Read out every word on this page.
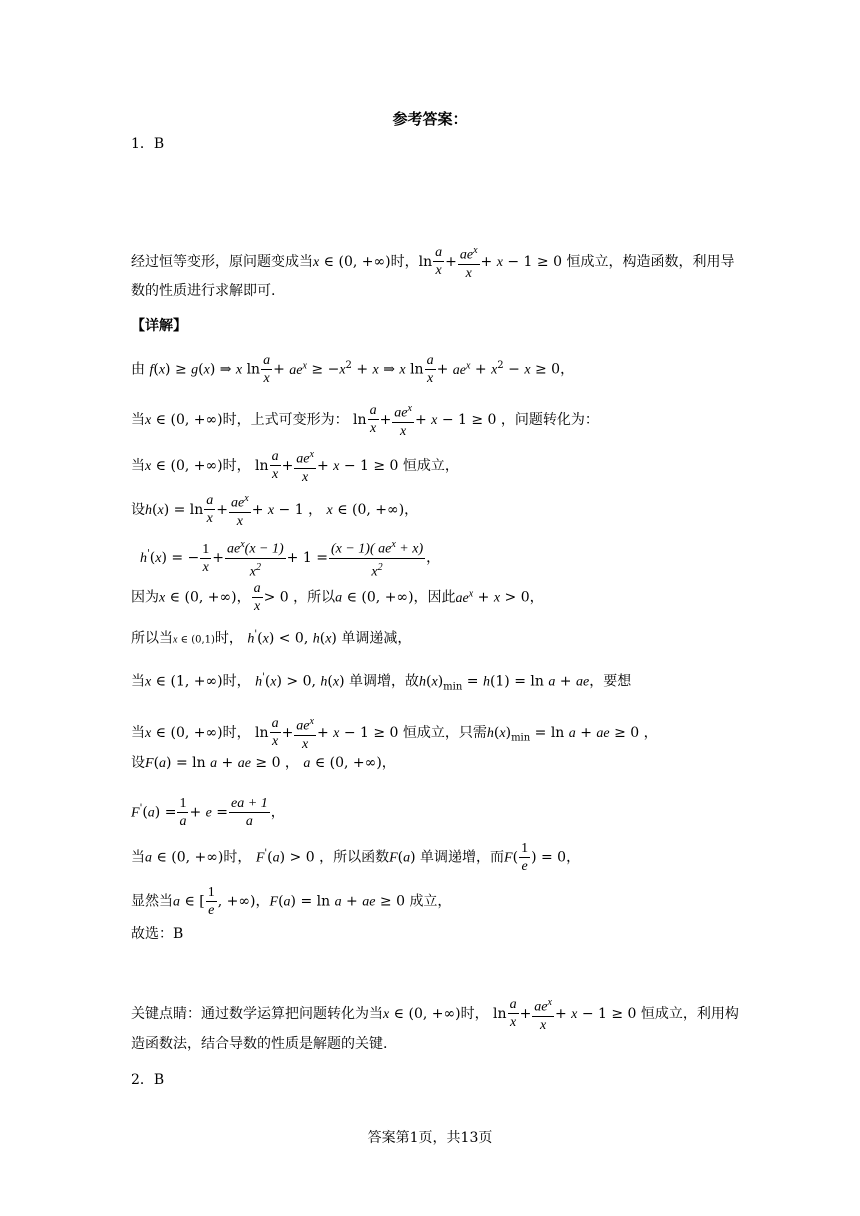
参考答案：
1．B
经过恒等变形，原问题变成当x ∈ (0, +∞)时，$\ln \frac{a}{x} + \frac{ae^x}{x} + x - 1 \ge 0$ 恒成立，构造函数，利用导
数的性质进行求解即可.
【详解】
由 f(x) ≥ g(x) ⇒ x $\ln \frac{a}{x} + ae^x \ge -x^2 + x$ ⇒ x $\ln \frac{a}{x} + ae^x + x^2 - x \ge 0$，
当x ∈ (0, +∞)时，上式可变形为： $\ln \frac{a}{x} + \frac{ae^x}{x} + x - 1 \ge 0$ ，问题转化为：
当x ∈ (0, +∞)时， $\ln \frac{a}{x} + \frac{ae^x}{x} + x - 1 \ge 0$ 恒成立，
设$h(x) = \ln \frac{a}{x} + \frac{ae^x}{x} + x - 1$ ， x ∈ (0, +∞)，
h'(x) = − $\frac{1}{x} + \frac{ae^x(x - 1)}{x^2} + 1 = \frac{(x - 1)( ae^x + x)}{x^2}$ ，
因为x ∈ (0, +∞)， $\frac{a}{x} > 0$ ，所以a ∈ (0, +∞)，因此$ae^x + x > 0$，
所以当x ∈ (0,1)时， h'(x) < 0, h(x) 单调递减，
当x ∈ (1, +∞)时， h'(x) > 0, h(x) 单调增，故$h(x)_{min} = h(1) = \ln a$ + ae，要想
当x ∈ (0, +∞)时， $\ln \frac{a}{x} + \frac{ae^x}{x} + x - 1 \ge 0$ 恒成立，只需$h(x)_{min} = \ln a$ + ae ≥ 0 ，
设F(a) = ln a + ae ≥ 0 ， a ∈ (0, +∞)，
$F'(a) = \frac{1}{a} + e = \frac{ea + 1}{a}$ ，
当a ∈ (0, +∞)时， F'(a) > 0 ，所以函数F(a) 单调递增，而$F( \frac{1}{e}$ ) = 0，
显然当a ∈ [ $\frac{1}{e}$ , +∞)，F(a) = ln a + ae ≥ 0 成立，
故选：B
关键点睛：通过数学运算把问题转化为当x ∈ (0, +∞)时， $\ln \frac{a}{x} + \frac{ae^x}{x} + x - 1 \ge 0$ 恒成立，利用构
造函数法，结合导数的性质是解题的关键.
2．B
答案第1页，共13页
